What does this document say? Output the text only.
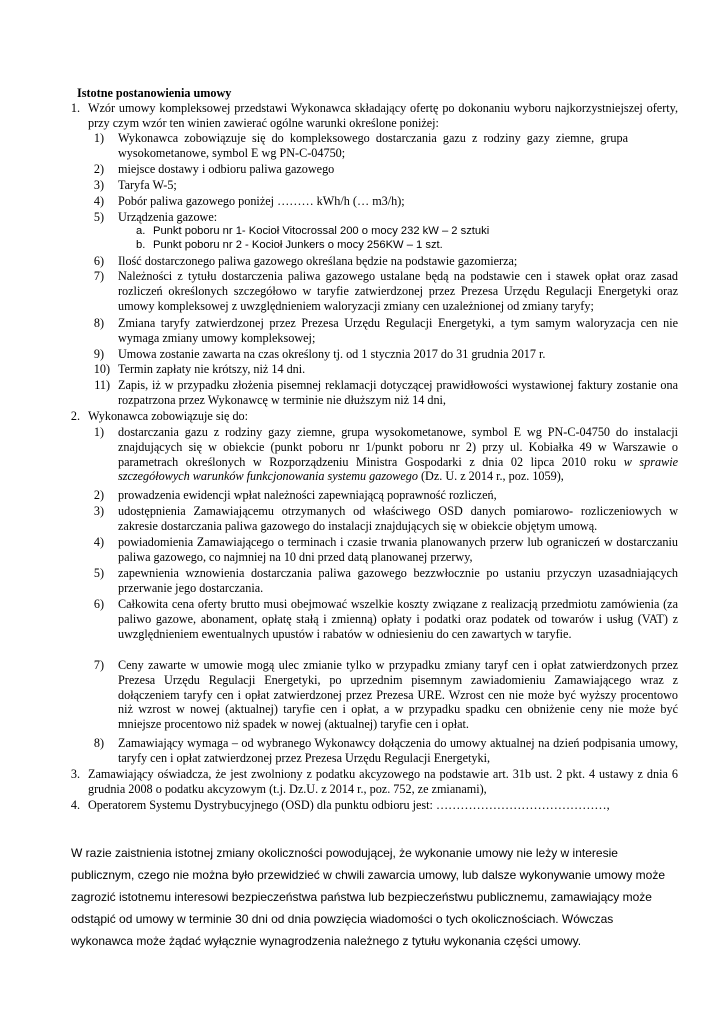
Istotne postanowienia umowy
1. Wzór umowy kompleksowej przedstawi Wykonawca składający ofertę po dokonaniu wyboru najkorzystniejszej oferty, przy czym wzór ten winien zawierać ogólne warunki określone poniżej:
1) Wykonawca zobowiązuje się do kompleksowego dostarczania gazu z rodziny gazy ziemne, grupa wysokometanowe, symbol E wg PN-C-04750;
2) miejsce dostawy i odbioru paliwa gazowego
3) Taryfa W-5;
4) Pobór paliwa gazowego poniżej ……… kWh/h (… m3/h);
5) Urządzenia gazowe:
a. Punkt poboru nr 1- Kocioł Vitocrossal 200 o mocy 232 kW – 2 sztuki
b. Punkt poboru nr 2 - Kocioł Junkers o mocy 256KW – 1 szt.
6) Ilość dostarczonego paliwa gazowego określana będzie na podstawie gazomierza;
7) Należności z tytułu dostarczenia paliwa gazowego ustalane będą na podstawie cen i stawek opłat oraz zasad rozliczeń określonych szczegółowo w taryfie zatwierdzonej przez Prezesa Urzędu Regulacji Energetyki oraz umowy kompleksowej z uwzględnieniem waloryzacji zmiany cen uzależnionej od zmiany taryfy;
8) Zmiana taryfy zatwierdzonej przez Prezesa Urzędu Regulacji Energetyki, a tym samym waloryzacja cen nie wymaga zmiany umowy kompleksowej;
9) Umowa zostanie zawarta na czas określony tj. od 1 stycznia 2017 do 31 grudnia 2017 r.
10) Termin zapłaty nie krótszy, niż 14 dni.
11) Zapis, iż w przypadku złożenia pisemnej reklamacji dotyczącej prawidłowości wystawionej faktury zostanie ona rozpatrzona przez Wykonawcę w terminie nie dłuższym niż 14 dni,
2. Wykonawca zobowiązuje się do:
1) dostarczania gazu z rodziny gazy ziemne, grupa wysokometanowe, symbol E wg PN-C-04750 do instalacji znajdujących się w obiekcie (punkt poboru nr 1/punkt poboru nr 2) przy ul. Kobiałka 49 w Warszawie o parametrach określonych w Rozporządzeniu Ministra Gospodarki z dnia 02 lipca 2010 roku w sprawie szczegółowych warunków funkcjonowania systemu gazowego (Dz. U. z 2014 r., poz. 1059),
2) prowadzenia ewidencji wpłat należności zapewniającą poprawność rozliczeń,
3) udostępnienia Zamawiającemu otrzymanych od właściwego OSD danych pomiarowo- rozliczeniowych w zakresie dostarczania paliwa gazowego do instalacji znajdujących się w obiekcie objętym umową.
4) powiadomienia Zamawiającego o terminach i czasie trwania planowanych przerw lub ograniczeń w dostarczaniu paliwa gazowego, co najmniej na 10 dni przed datą planowanej przerwy,
5) zapewnienia wznowienia dostarczania paliwa gazowego bezzwłocznie po ustaniu przyczyn uzasadniających przerwanie jego dostarczania.
6) Całkowita cena oferty brutto musi obejmować wszelkie koszty związane z realizacją przedmiotu zamówienia (za paliwo gazowe, abonament, opłatę stałą i zmienną) opłaty i podatki oraz podatek od towarów i usług (VAT) z uwzględnieniem ewentualnych upustów i rabatów w odniesieniu do cen zawartych w taryfie.
7) Ceny zawarte w umowie mogą ulec zmianie tylko w przypadku zmiany taryf cen i opłat zatwierdzonych przez Prezesa Urzędu Regulacji Energetyki, po uprzednim pisemnym zawiadomieniu Zamawiającego wraz z dołączeniem taryfy cen i opłat zatwierdzonej przez Prezesa URE. Wzrost cen nie może być wyższy procentowo niż wzrost w nowej (aktualnej) taryfie cen i opłat, a w przypadku spadku cen obniżenie ceny nie może być mniejsze procentowo niż spadek w nowej (aktualnej) taryfie cen i opłat.
8) Zamawiający wymaga – od wybranego Wykonawcy dołączenia do umowy aktualnej na dzień podpisania umowy, taryfy cen i opłat zatwierdzonej przez Prezesa Urzędu Regulacji Energetyki,
3. Zamawiający oświadcza, że jest zwolniony z podatku akcyzowego na podstawie art. 31b ust. 2 pkt. 4 ustawy z dnia 6 grudnia 2008 o podatku akcyzowym (t.j. Dz.U. z 2014 r., poz. 752, ze zmianami),
4. Operatorem Systemu Dystrybucyjnego (OSD) dla punktu odbioru jest: ……………………………………,
W razie zaistnienia istotnej zmiany okoliczności powodującej, że wykonanie umowy nie leży w interesie publicznym, czego nie można było przewidzieć w chwili zawarcia umowy, lub dalsze wykonywanie umowy może zagrozić istotnemu interesowi bezpieczeństwa państwa lub bezpieczeństwu publicznemu, zamawiający może odstąpić od umowy w terminie 30 dni od dnia powzięcia wiadomości o tych okolicznościach. Wówczas wykonawca może żądać wyłącznie wynagrodzenia należnego z tytułu wykonania części umowy.
